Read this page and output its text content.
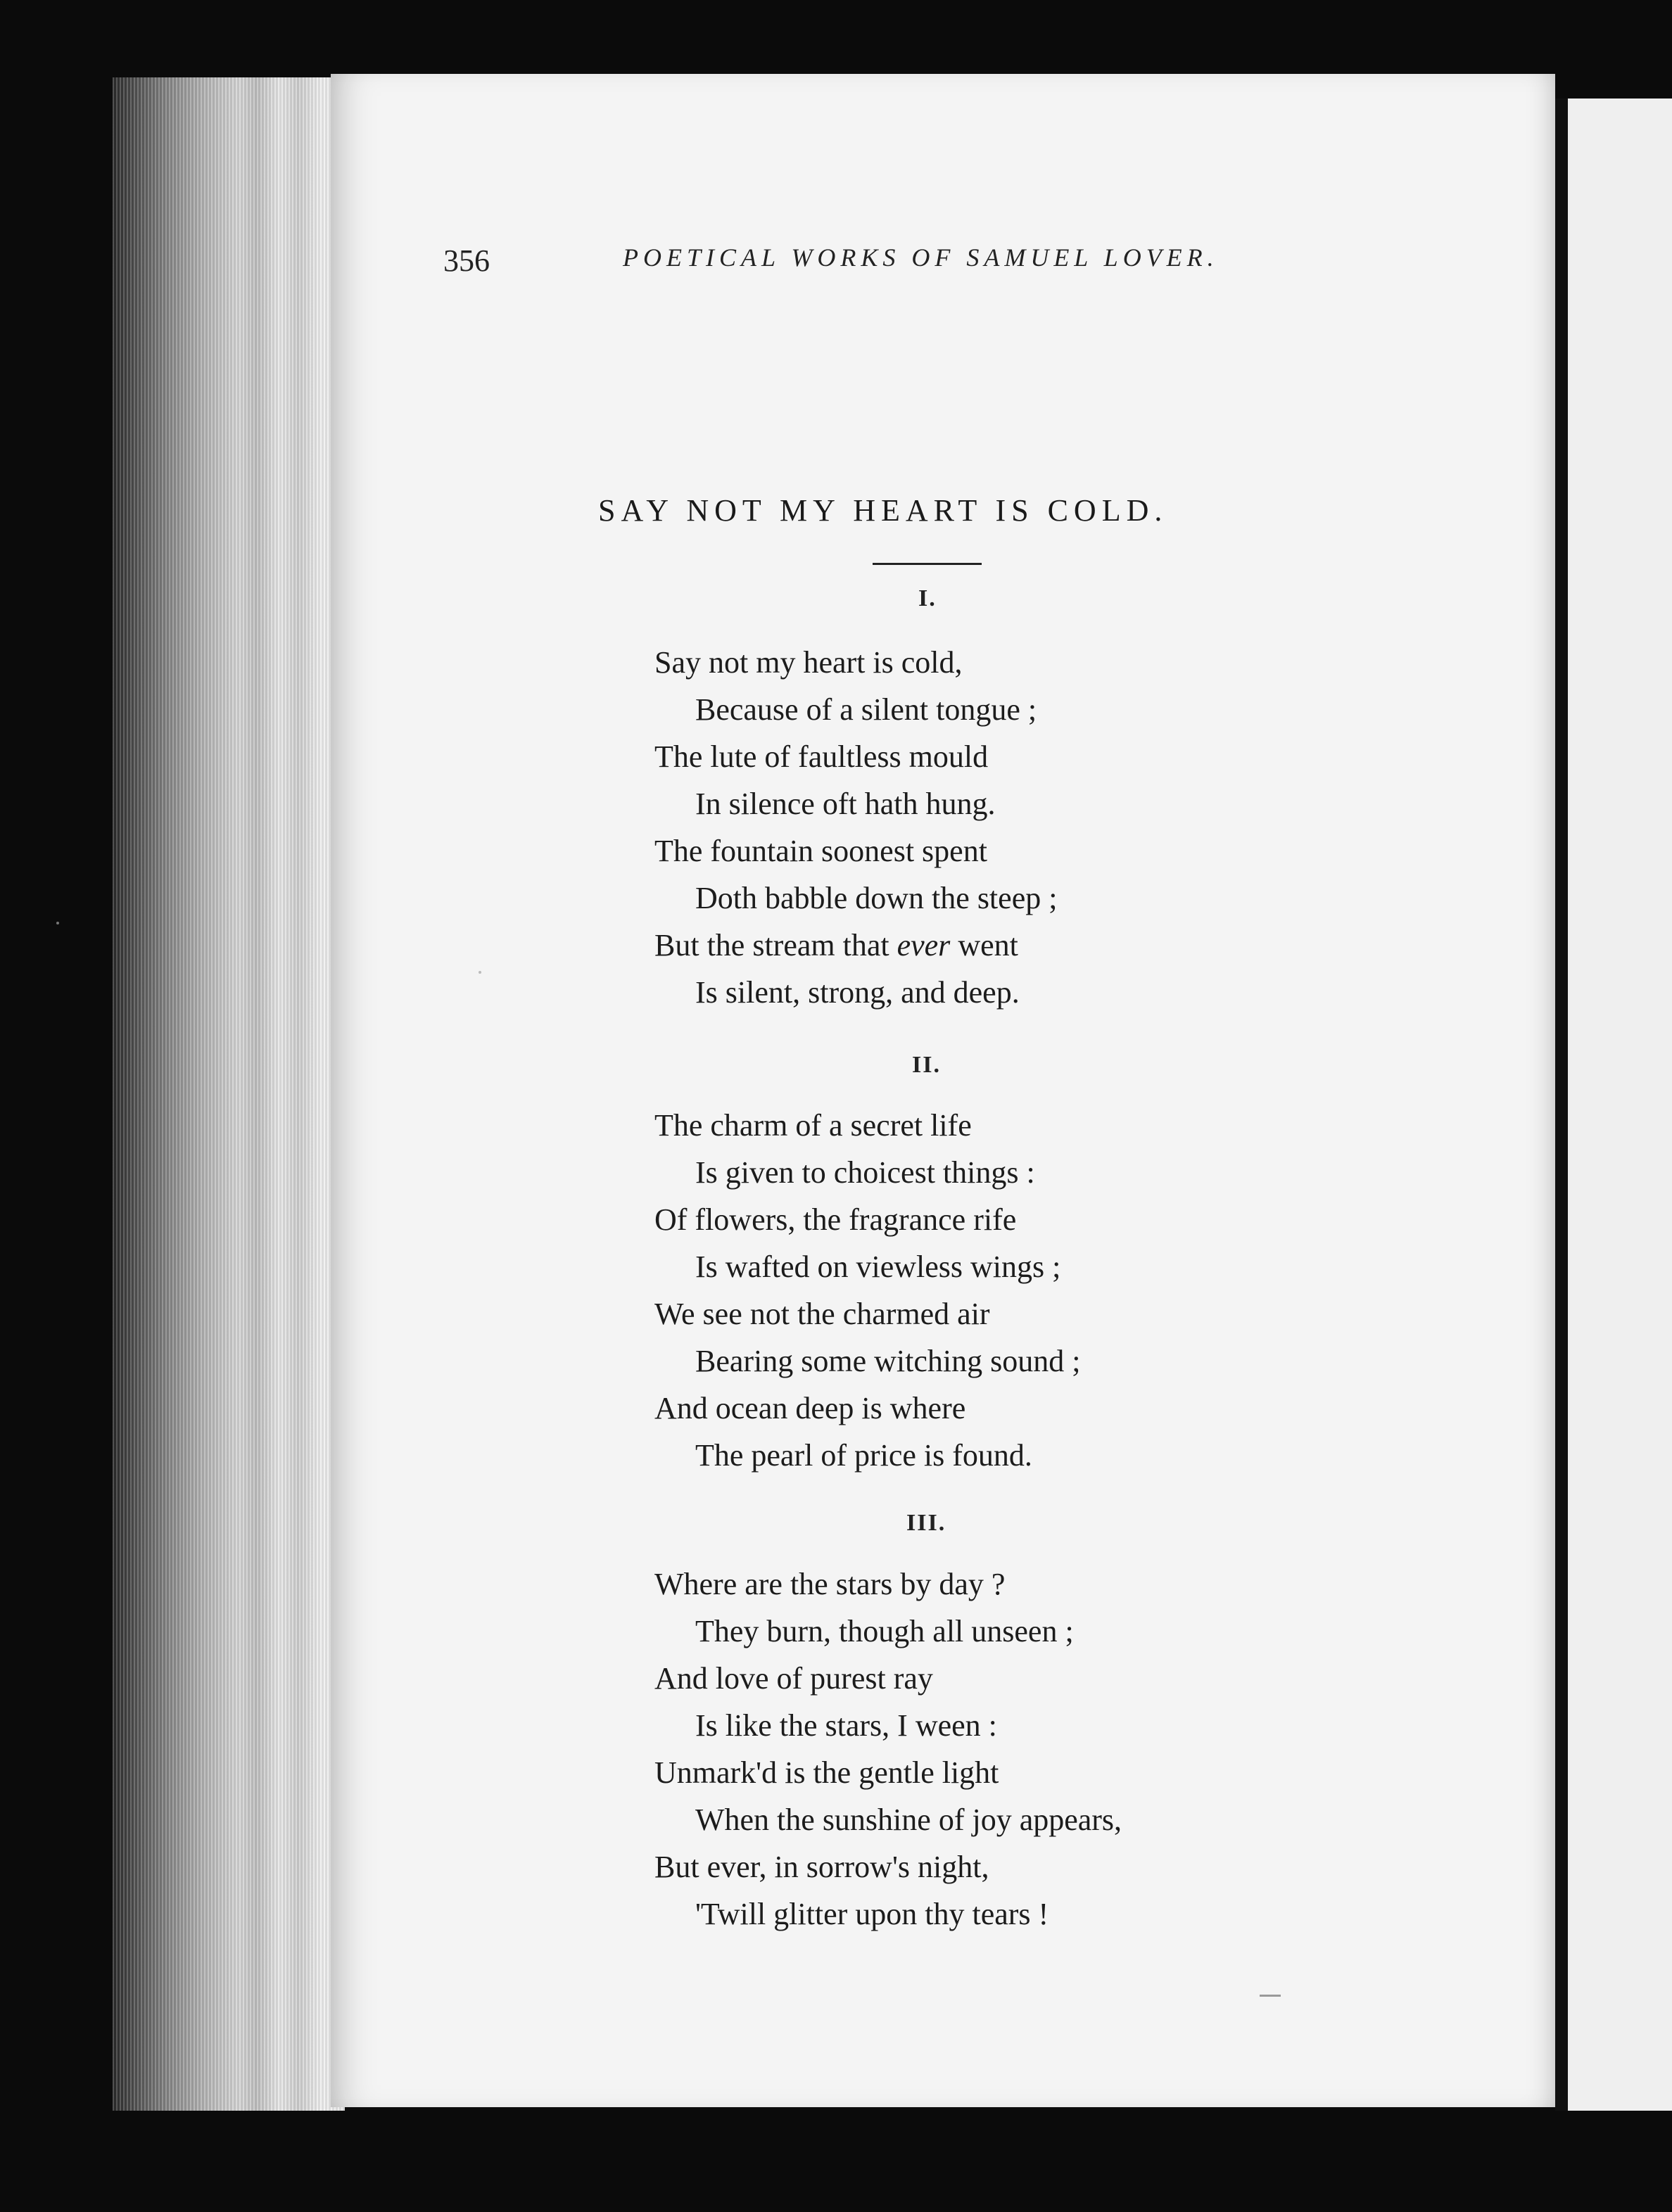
356	POETICAL WORKS OF SAMUEL LOVER.
SAY NOT MY HEART IS COLD.
I.
Say not my heart is cold,
Because of a silent tongue ;
The lute of faultless mould
In silence oft hath hung.
The fountain soonest spent
Doth babble down the steep ;
But the stream that ever went
Is silent, strong, and deep.
II.
The charm of a secret life
Is given to choicest things :
Of flowers, the fragrance rife
Is wafted on viewless wings ;
We see not the charmed air
Bearing some witching sound ;
And ocean deep is where
The pearl of price is found.
III.
Where are the stars by day ?
They burn, though all unseen ;
And love of purest ray
Is like the stars, I ween :
Unmark'd is the gentle light
When the sunshine of joy appears,
But ever, in sorrow's night,
'Twill glitter upon thy tears !
